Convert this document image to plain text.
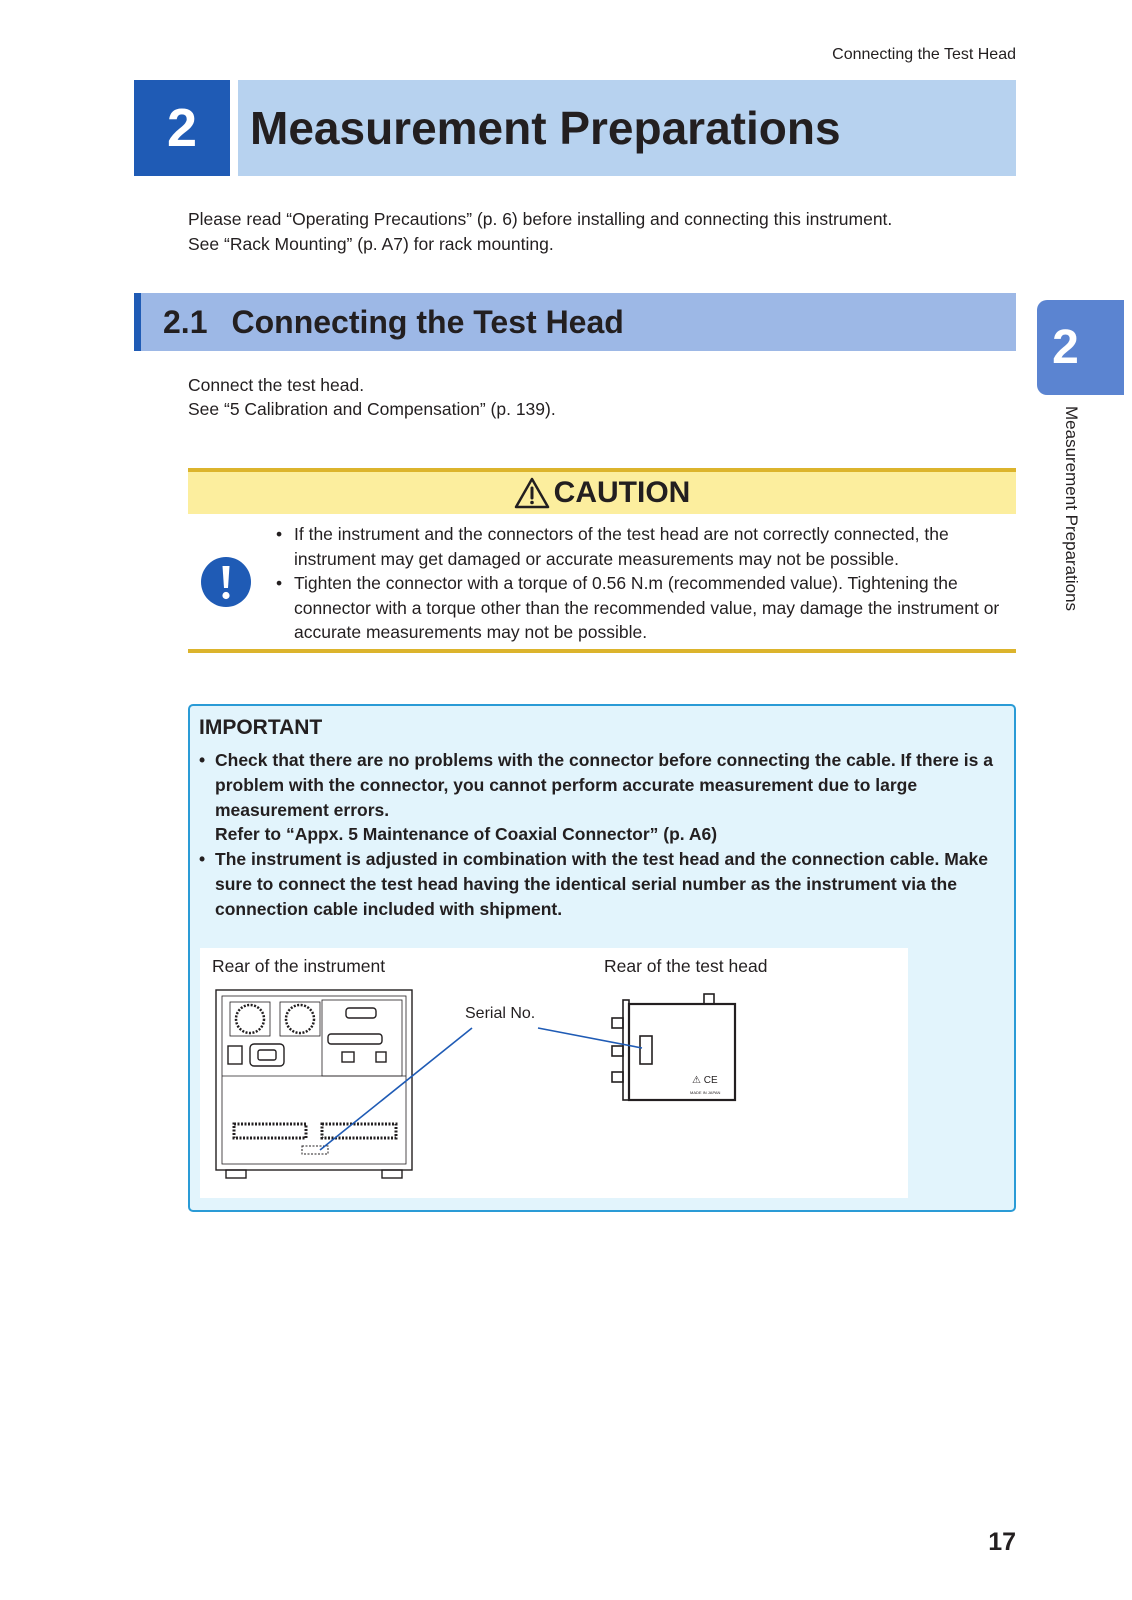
Connecting the Test Head
2	Measurement Preparations

Please read “Operating Precautions” (p. 6) before installing and connecting this instrument.

See “Rack Mounting” (p. A7) for rack mounting.

2.1 Connecting the Test Head	2
Measurement Preparations

Connect the test head.

See “5 Calibration and Compensation” (p. 139).

CAUTION
• If the instrument and the connectors of the test head are not correctly connected, the instrument may get damaged or accurate measurements may not be possible.
• Tighten the connector with a torque of 0.56 N.m (recommended value). Tightening the connector with a torque other than the recommended value, may damage the instrument or accurate measurements may not be possible.
IMPORTANT
• Check that there are no problems with the connector before connecting the cable. If there is a problem with the connector, you cannot perform accurate measurement due to large measurement errors.
Refer to “Appx. 5 Maintenance of Coaxial Connector” (p. A6)
• The instrument is adjusted in combination with the test head and the connection cable. Make sure to connect the test head having the identical serial number as the instrument via the connection cable included with shipment.
⚠ CE
MADE IN JAPAN
Rear of the instrument	Rear of the test head
Serial No.
17
